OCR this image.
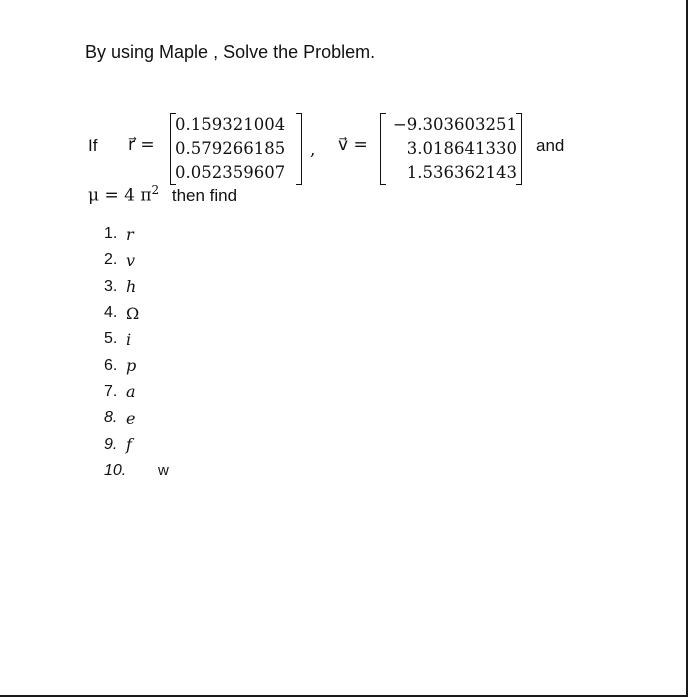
By using Maple , Solve the Problem.
If r⃗ =
0.159321004
0.579266185
0.052359607
, v⃗ =
−9.303603251
3.018641330
1.536362143
and
μ = 4 $\pi^2$ then find
1. r
2. v
3. h
4. Ω
5. i
6. p
7. a
8. e
9. f
10.	w
